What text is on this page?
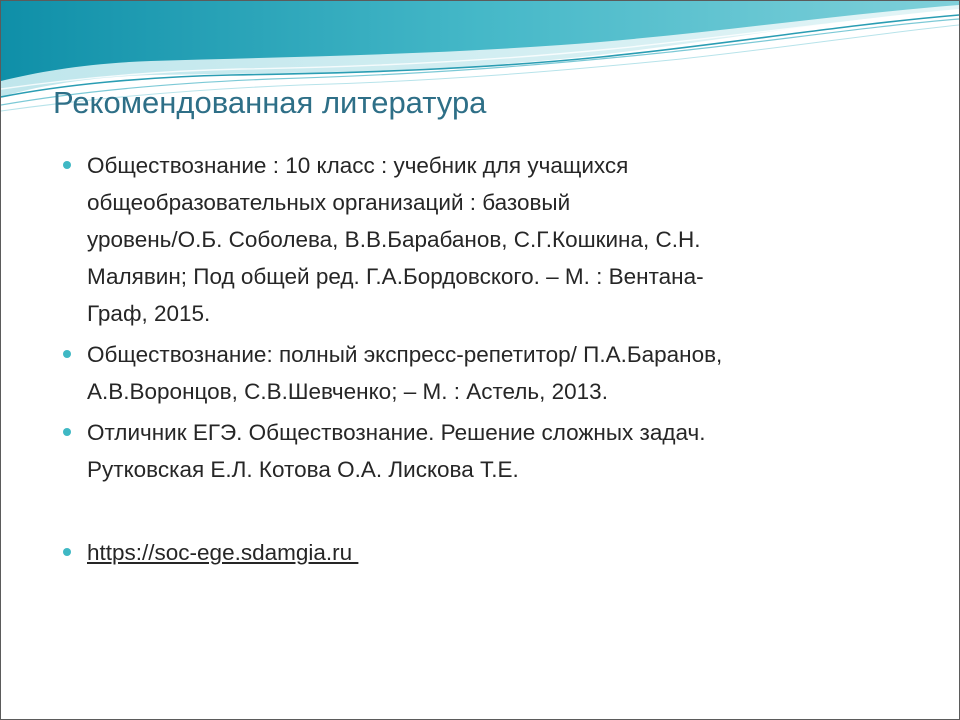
Рекомендованная литература
Обществознание : 10 класс : учебник для учащихся
общеобразовательных организаций : базовый
уровень/О.Б. Соболева, В.В.Барабанов, С.Г.Кошкина, С.Н.
Малявин; Под общей ред. Г.А.Бордовского. – М. : Вентана-
Граф, 2015.
Обществознание: полный экспресс-репетитор/ П.А.Баранов,
А.В.Воронцов, С.В.Шевченко; – М. : Астель, 2013.
Отличник ЕГЭ. Обществознание. Решение сложных задач.
Рутковская Е.Л. Котова О.А. Лискова Т.Е.
https://soc-ege.sdamgia.ru
